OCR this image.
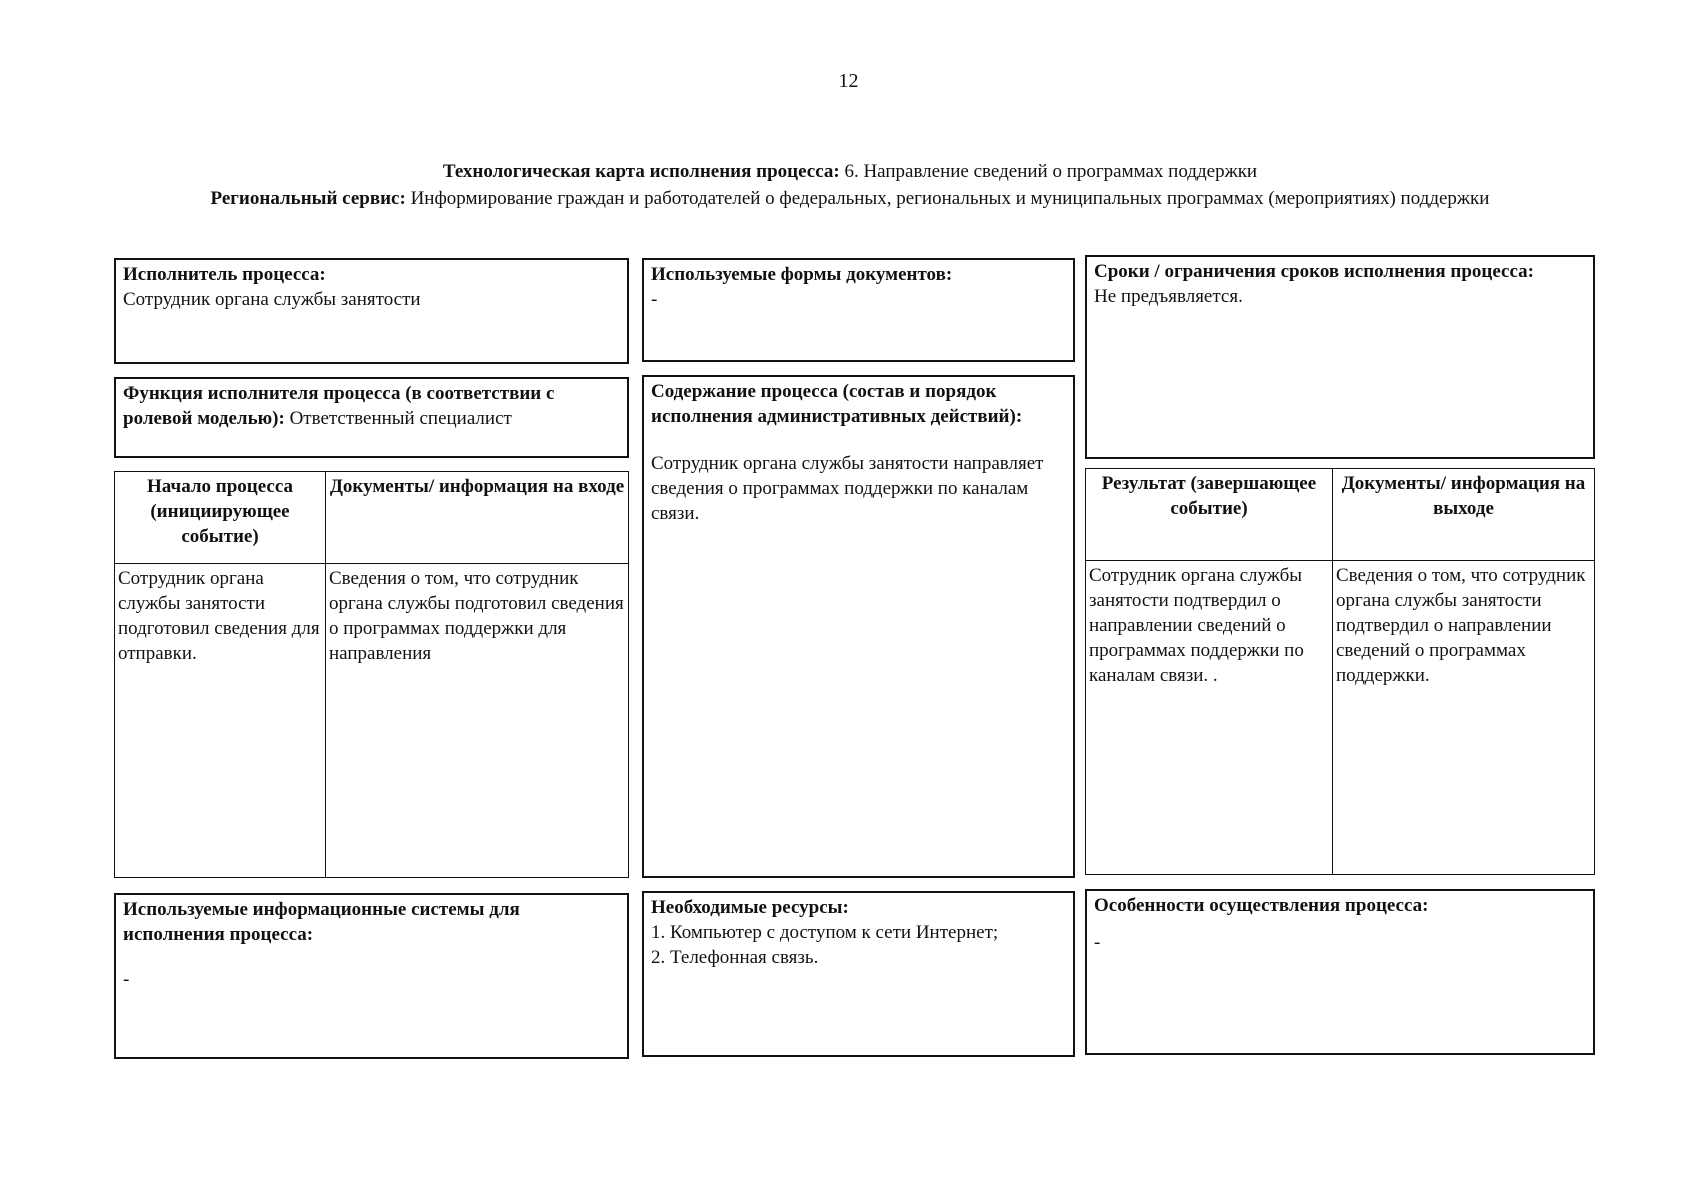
12
Технологическая карта исполнения процесса: 6. Направление сведений о программах поддержки
Региональный сервис: Информирование граждан и работодателей о федеральных, региональных и муниципальных программах (мероприятиях) поддержки
Исполнитель процесса:
Сотрудник органа службы занятости
Используемые формы документов:
-
Сроки / ограничения сроков исполнения процесса:
Не предъявляется.
Функция исполнителя процесса (в соответствии с ролевой моделью): Ответственный специалист
Содержание процесса (состав и порядок исполнения административных действий):
Сотрудник органа службы занятости направляет сведения о программах поддержки по каналам связи.
Начало процесса (инициирующее событие)	Документы/ информация на входе
Сотрудник органа службы занятости подготовил сведения для отправки.	Сведения о том, что сотрудник органа службы подготовил сведения о программах поддержки для направления
Результат (завершающее событие)	Документы/ информация на выходе
Сотрудник органа службы занятости подтвердил о направлении сведений о программах поддержки по каналам связи. .	Сведения о том, что сотрудник органа службы занятости подтвердил о направлении сведений о программах поддержки.
Используемые информационные системы для исполнения процесса:
-
Необходимые ресурсы:
1. Компьютер с доступом к сети Интернет;
2. Телефонная связь.
Особенности осуществления процесса:
-
